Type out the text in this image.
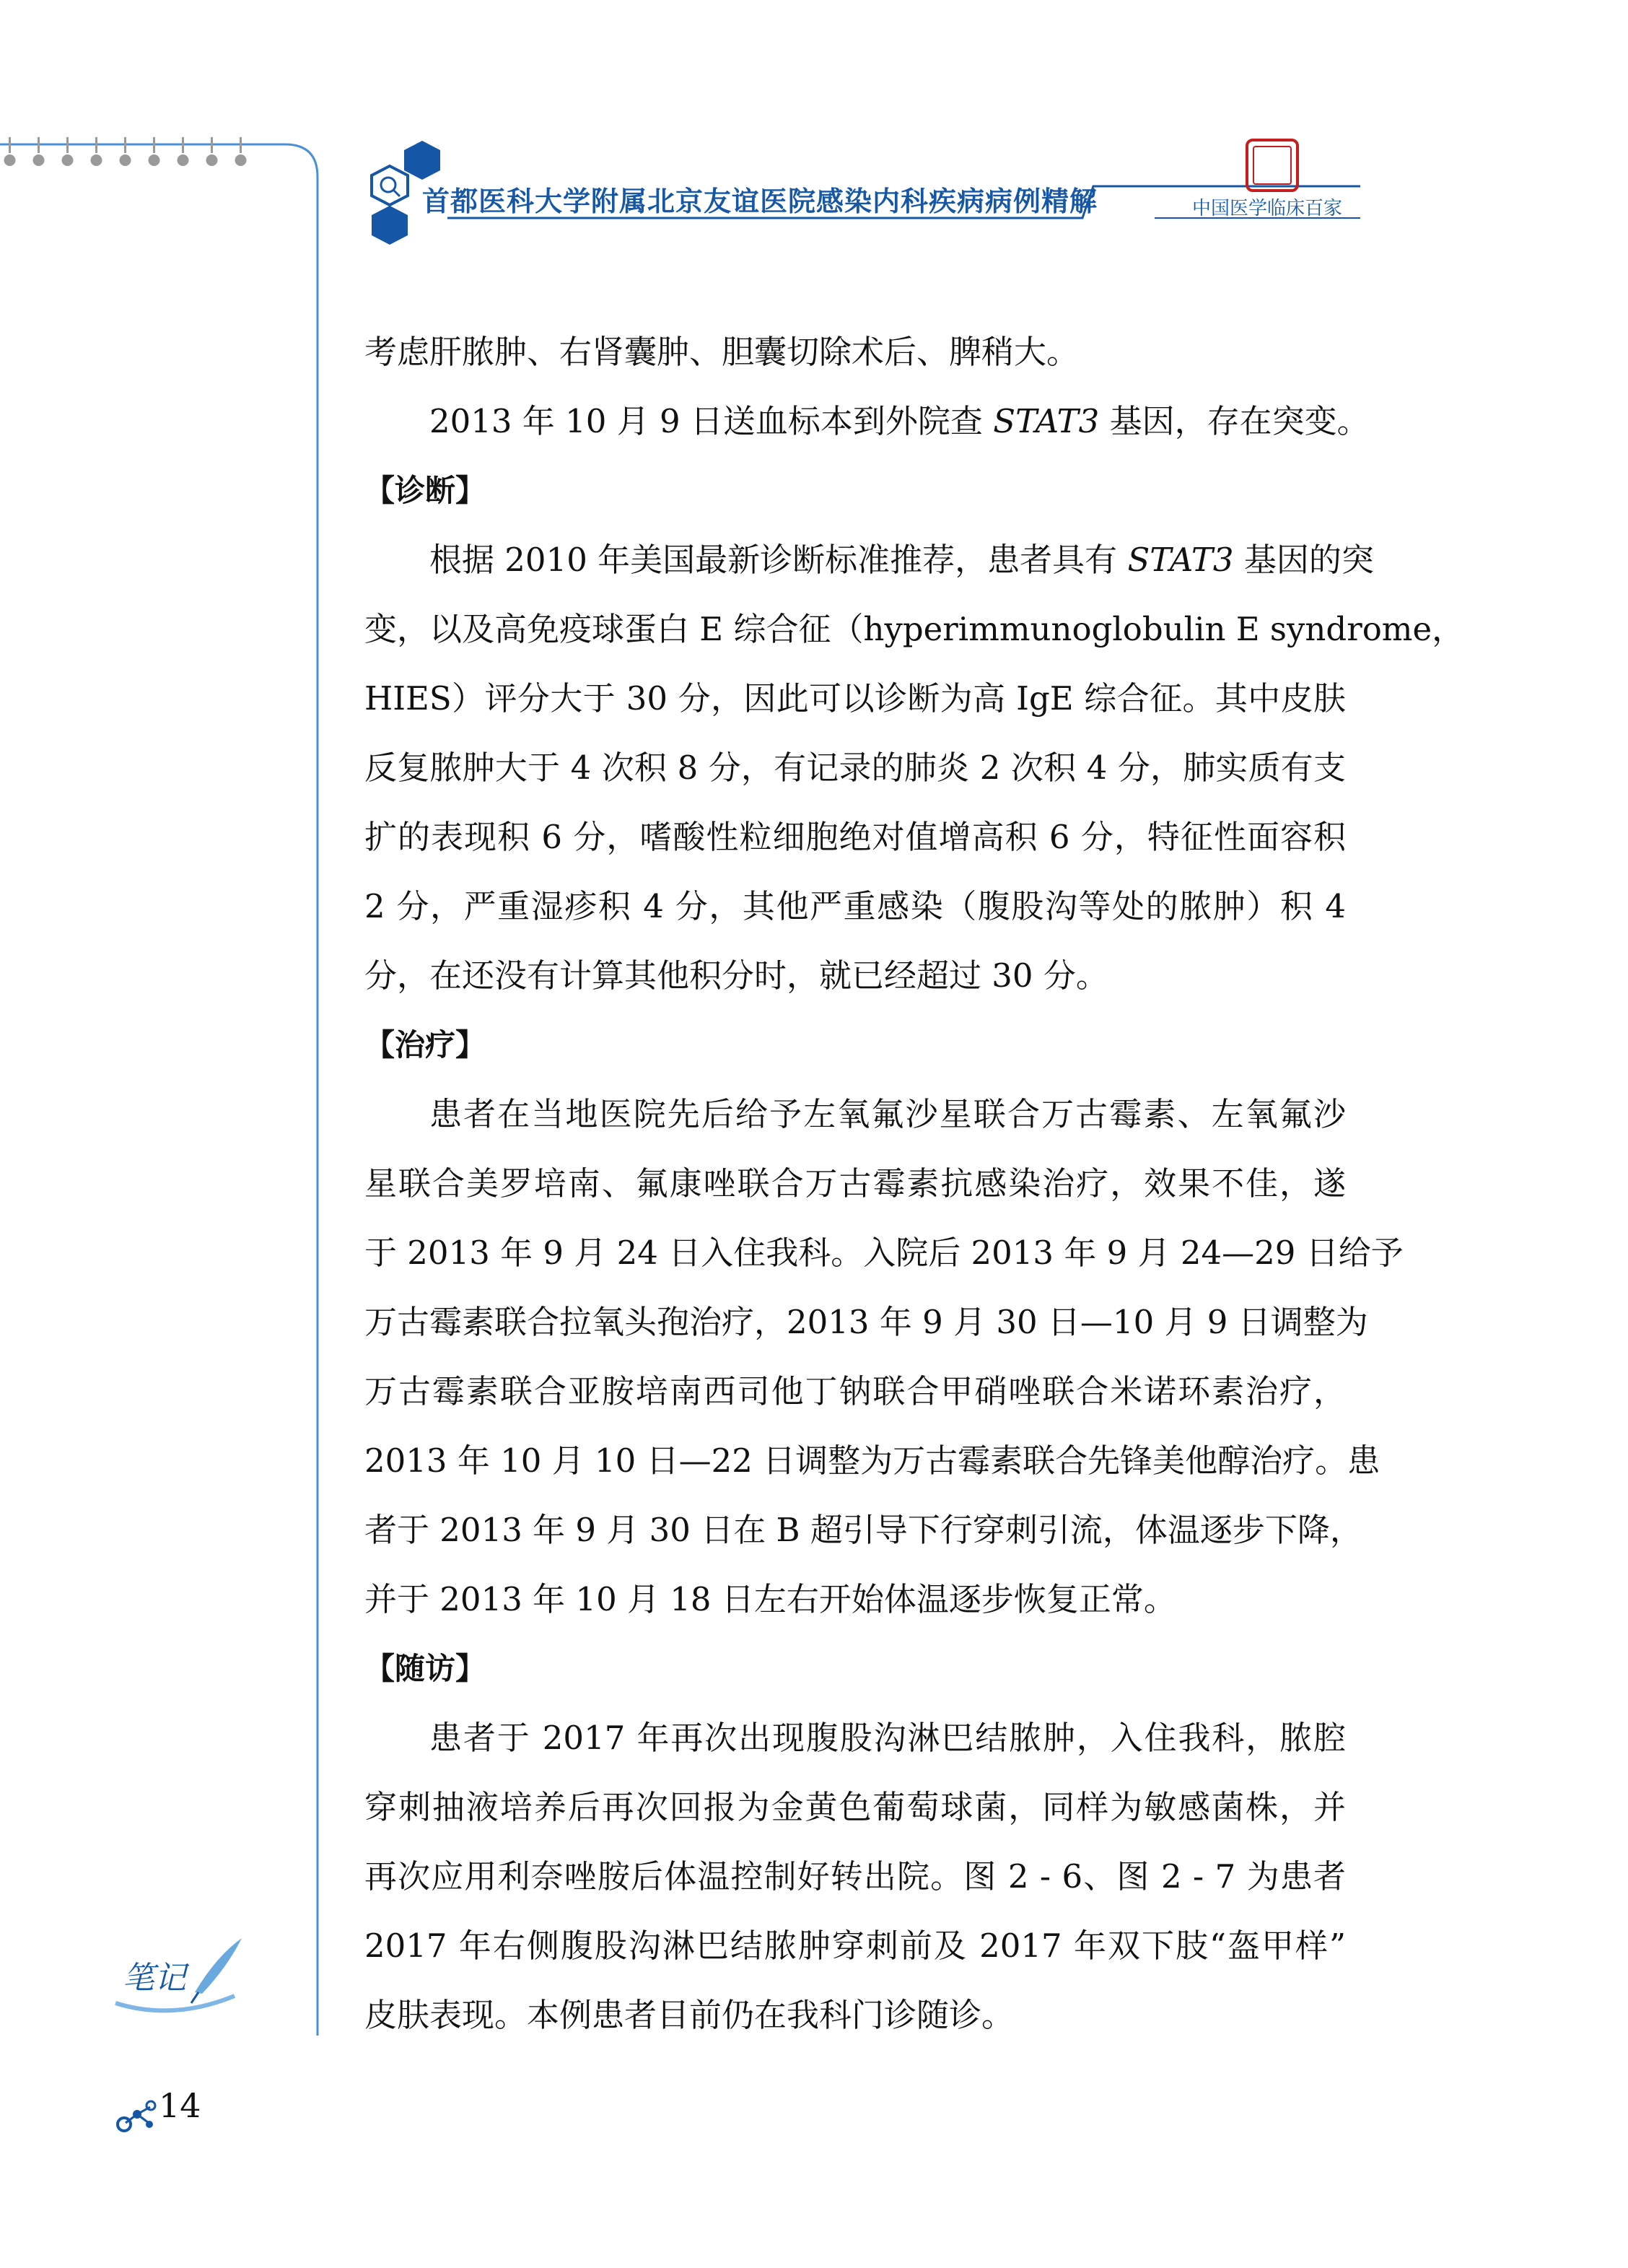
首都医科大学附属北京友谊医院感染内科疾病病例精解	中国医学临床百家
考虑肝脓肿、右肾囊肿、胆囊切除术后、脾稍大。
2013 年 10 月 9 日送血标本到外院查 STAT3 基因，存在突变。
【诊断】
根据 2010 年美国最新诊断标准推荐，患者具有 STAT3 基因的突
变，以及高免疫球蛋白 E 综合征（hyperimmunoglobulin E syndrome，
HIES）评分大于 30 分，因此可以诊断为高 IgE 综合征。其中皮肤
反复脓肿大于 4 次积 8 分，有记录的肺炎 2 次积 4 分，肺实质有支
扩的表现积 6 分，嗜酸性粒细胞绝对值增高积 6 分，特征性面容积
2 分，严重湿疹积 4 分，其他严重感染（腹股沟等处的脓肿）积 4
分，在还没有计算其他积分时，就已经超过 30 分。
【治疗】
患者在当地医院先后给予左氧氟沙星联合万古霉素、左氧氟沙
星联合美罗培南、氟康唑联合万古霉素抗感染治疗，效果不佳，遂
于 2013 年 9 月 24 日入住我科。入院后 2013 年 9 月 24—29 日给予
万古霉素联合拉氧头孢治疗，2013 年 9 月 30 日—10 月 9 日调整为
万古霉素联合亚胺培南西司他丁钠联合甲硝唑联合米诺环素治疗，
2013 年 10 月 10 日—22 日调整为万古霉素联合先锋美他醇治疗。患
者于 2013 年 9 月 30 日在 B 超引导下行穿刺引流，体温逐步下降，
并于 2013 年 10 月 18 日左右开始体温逐步恢复正常。
【随访】
患者于 2017 年再次出现腹股沟淋巴结脓肿，入住我科，脓腔
穿刺抽液培养后再次回报为金黄色葡萄球菌，同样为敏感菌株，并
再次应用利奈唑胺后体温控制好转出院。图 2 - 6、图 2 - 7 为患者
2017 年右侧腹股沟淋巴结脓肿穿刺前及 2017 年双下肢“盔甲样”
皮肤表现。本例患者目前仍在我科门诊随诊。
笔记
14
